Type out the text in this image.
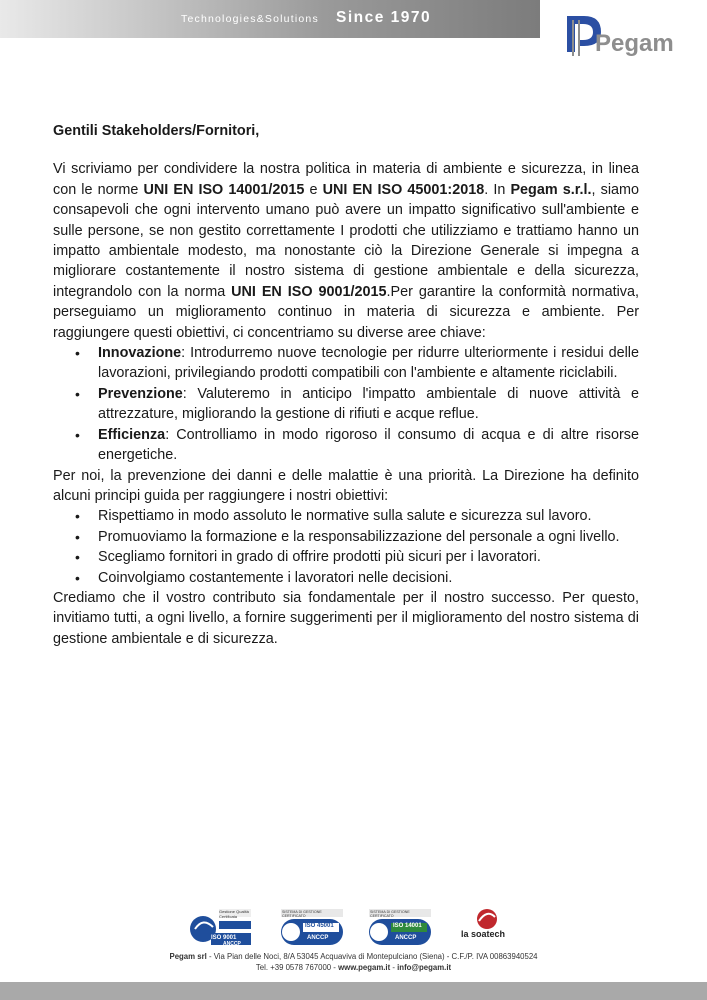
Technologies&Solutions Since 1970
Pegam
Gentili Stakeholders/Fornitori,
Vi scriviamo per condividere la nostra politica in materia di ambiente e sicurezza, in linea con le norme UNI EN ISO 14001/2015 e UNI EN ISO 45001:2018. In Pegam s.r.l., siamo consapevoli che ogni intervento umano può avere un impatto significativo sull'ambiente e sulle persone, se non gestito correttamente I prodotti che utilizziamo e trattiamo hanno un impatto ambientale modesto, ma nonostante ciò la Direzione Generale si impegna a migliorare costantemente il nostro sistema di gestione ambientale e della sicurezza, integrandolo con la norma UNI EN ISO 9001/2015.Per garantire la conformità normativa, perseguiamo un miglioramento continuo in materia di sicurezza e ambiente. Per raggiungere questi obiettivi, ci concentriamo su diverse aree chiave:
• Innovazione: Introdurremo nuove tecnologie per ridurre ulteriormente i residui delle lavorazioni, privilegiando prodotti compatibili con l'ambiente e altamente riciclabili.
• Prevenzione: Valuteremo in anticipo l'impatto ambientale di nuove attività e attrezzature, migliorando la gestione di rifiuti e acque reflue.
• Efficienza: Controlliamo in modo rigoroso il consumo di acqua e di altre risorse energetiche.
Per noi, la prevenzione dei danni e delle malattie è una priorità. La Direzione ha definito alcuni principi guida per raggiungere i nostri obiettivi:
• Rispettiamo in modo assoluto le normative sulla salute e sicurezza sul lavoro.
• Promuoviamo la formazione e la responsabilizzazione del personale a ogni livello.
• Scegliamo fornitori in grado di offrire prodotti più sicuri per i lavoratori.
• Coinvolgiamo costantemente i lavoratori nelle decisioni.
Crediamo che il vostro contributo sia fondamentale per il nostro successo. Per questo, invitiamo tutti, a ogni livello, a fornire suggerimenti per il miglioramento del nostro sistema di gestione ambientale e di sicurezza.
la soatech
ISO 9001
ISO 45001	ISO 14001
Gestione Qualità Certificata
SISTEMA DI GESTIONE CERTIFICATO
SISTEMA DI GESTIONE CERTIFICATO
ANCCP
ANCCP	ANCCP
Pegam srl - Via Pian delle Noci, 8/A 53045 Acquaviva di Montepulciano (Siena) - C.F./P. IVA 00863940524
Tel. +39 0578 767000 - www.pegam.it - info@pegam.it
